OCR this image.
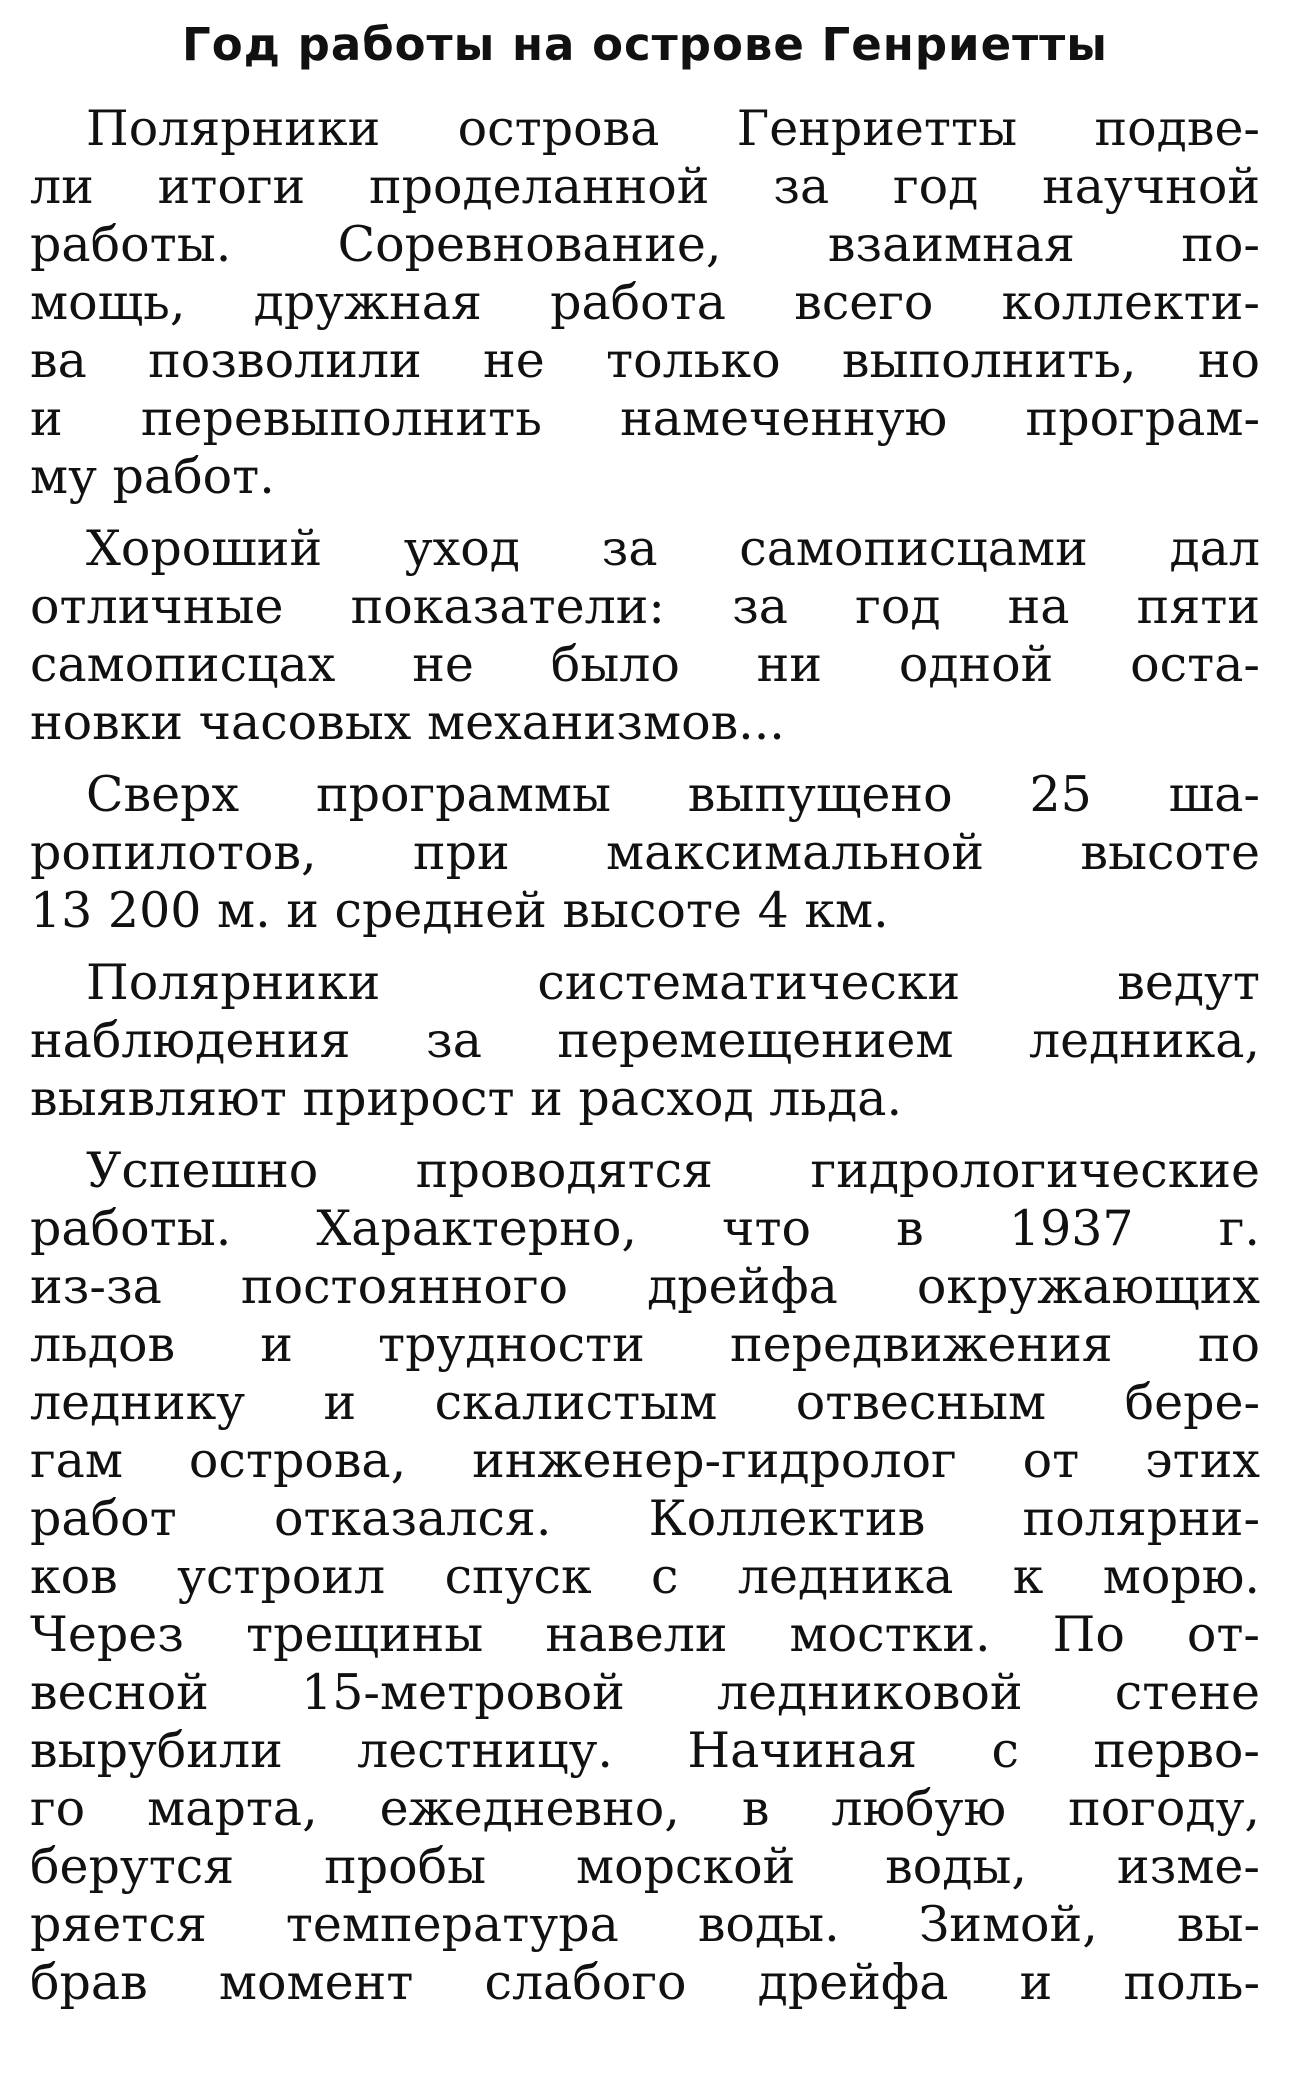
Год работы на острове Генриетты
Полярники острова Генриетты подве-
ли итоги проделанной за год научной
работы. Соревнование, взаимная по-
мощь, дружная работа всего коллекти-
ва позволили не только выполнить, но
и перевыполнить намеченную програм-
му работ.
Хороший уход за самописцами дал
отличные показатели: за год на пяти
самописцах не было ни одной оста-
новки часовых механизмов...
Сверх программы выпущено 25 ша-
ропилотов, при максимальной высоте
13 200 м. и средней высоте 4 км.
Полярники систематически ведут
наблюдения за перемещением ледника,
выявляют прирост и расход льда.
Успешно проводятся гидрологические
работы. Характерно, что в 1937 г.
из-за постоянного дрейфа окружающих
льдов и трудности передвижения по
леднику и скалистым отвесным бере-
гам острова, инженер-гидролог от этих
работ отказался. Коллектив полярни-
ков устроил спуск с ледника к морю.
Через трещины навели мостки. По от-
весной 15-метровой ледниковой стене
вырубили лестницу. Начиная с перво-
го марта, ежедневно, в любую погоду,
берутся пробы морской воды, изме-
ряется температура воды. Зимой, вы-
брав момент слабого дрейфа и поль-
